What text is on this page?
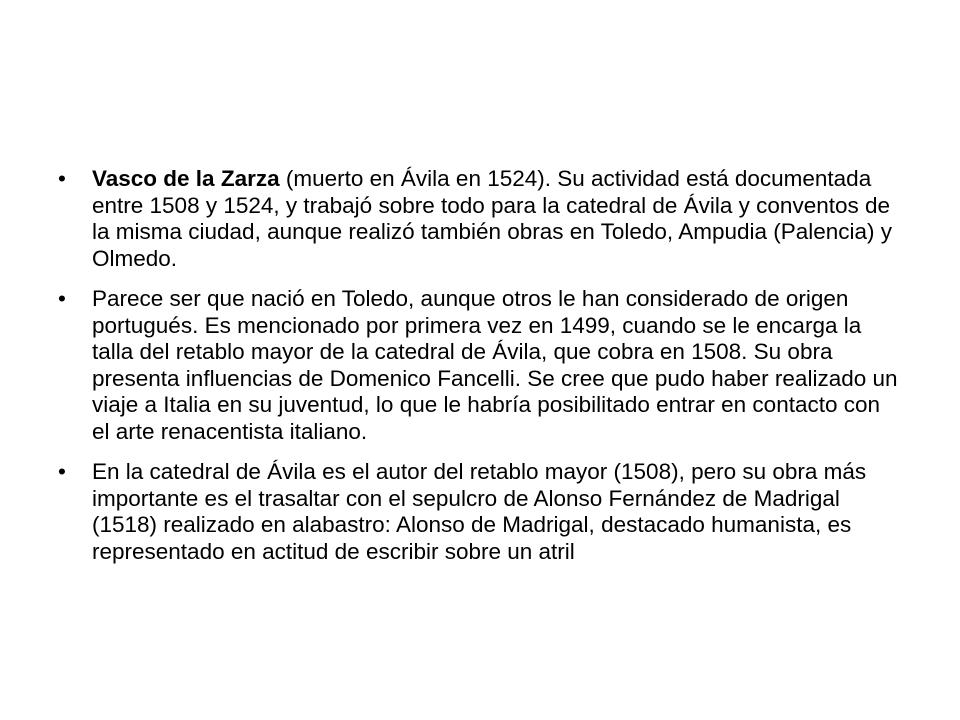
•	Vasco de la Zarza (muerto en Ávila en 1524). Su actividad está documentada entre 1508 y 1524, y trabajó sobre todo para la catedral de Ávila y conventos de la misma ciudad, aunque realizó también obras en Toledo, Ampudia (Palencia) y Olmedo.
•	Parece ser que nació en Toledo, aunque otros le han considerado de origen portugués. Es mencionado por primera vez en 1499, cuando se le encarga la talla del retablo mayor de la catedral de Ávila, que cobra en 1508. Su obra presenta influencias de Domenico Fancelli. Se cree que pudo haber realizado un viaje a Italia en su juventud, lo que le habría posibilitado entrar en contacto con el arte renacentista italiano.
•	En la catedral de Ávila es el autor del retablo mayor (1508), pero su obra más importante es el trasaltar con el sepulcro de Alonso Fernández de Madrigal (1518) realizado en alabastro: Alonso de Madrigal, destacado humanista, es representado en actitud de escribir sobre un atril
